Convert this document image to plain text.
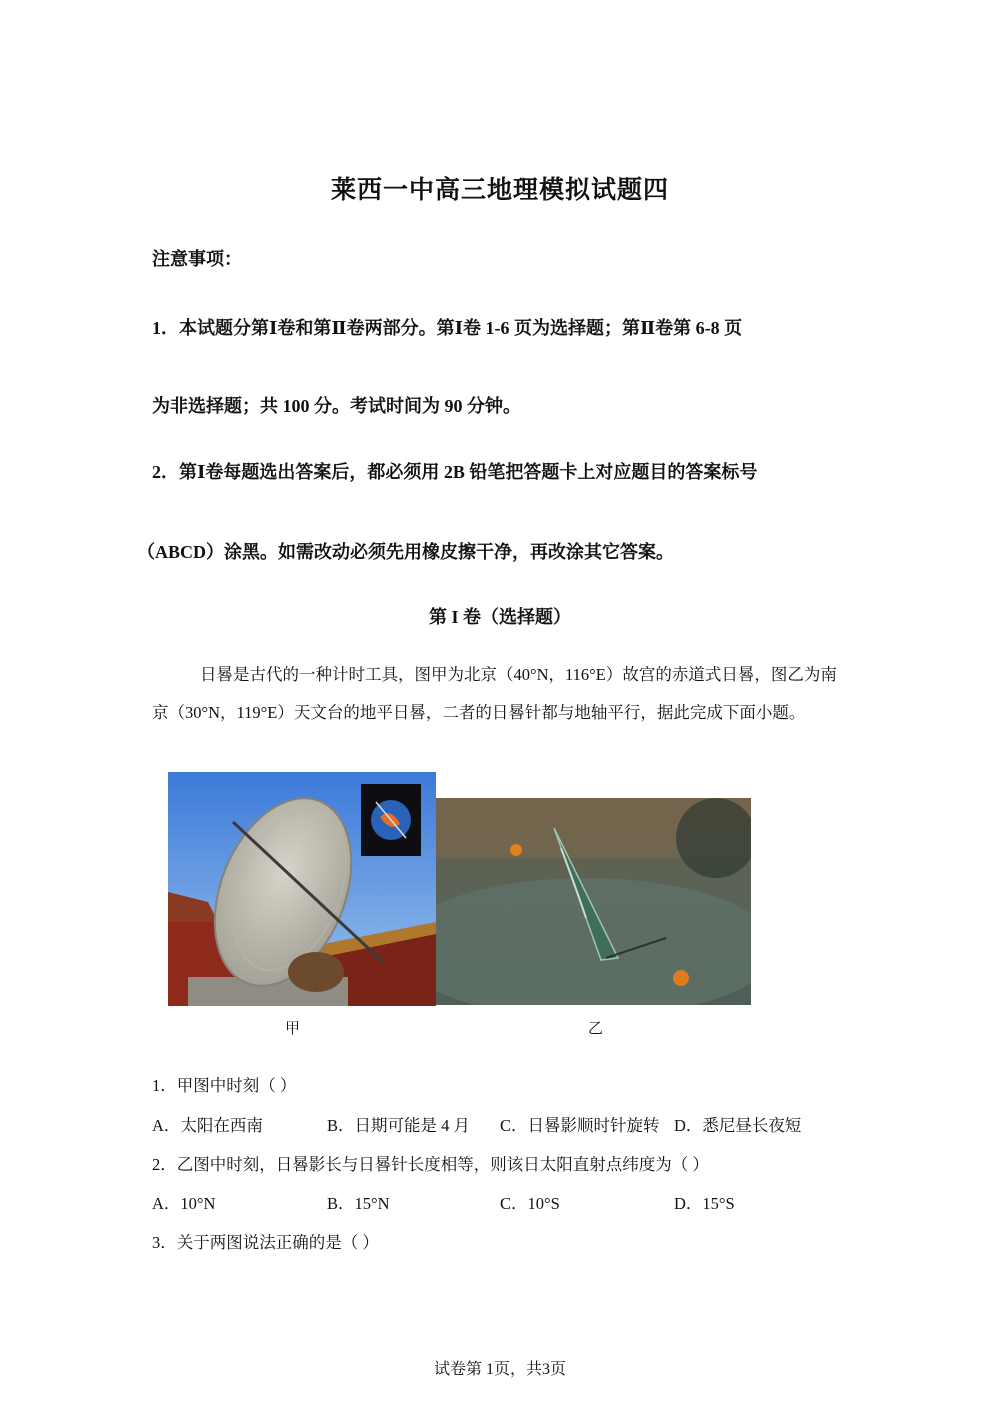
莱西一中高三地理模拟试题四
注意事项：
1．本试题分第Ⅰ卷和第Ⅱ卷两部分。第Ⅰ卷 1-6 页为选择题；第Ⅱ卷第 6-8 页
为非选择题；共 100 分。考试时间为 90 分钟。
2．第Ⅰ卷每题选出答案后，都必须用 2B 铅笔把答题卡上对应题目的答案标号
（ABCD）涂黑。如需改动必须先用橡皮擦干净，再改涂其它答案。
第 I 卷（选择题）
日晷是古代的一种计时工具，图甲为北京（40°N，116°E）故宫的赤道式日晷，图乙为南京（30°N，119°E）天文台的地平日晷，二者的日晷针都与地轴平行，据此完成下面小题。
甲	乙
1．甲图中时刻（ ）
A．太阳在西南	B．日期可能是 4 月 C．日晷影顺时针旋转 D．悉尼昼长夜短
2．乙图中时刻，日晷影长与日晷针长度相等，则该日太阳直射点纬度为（ ）
A．10°N	B．15°N	C．10°S	D．15°S
3．关于两图说法正确的是（ ）
试卷第 1页，共3页
